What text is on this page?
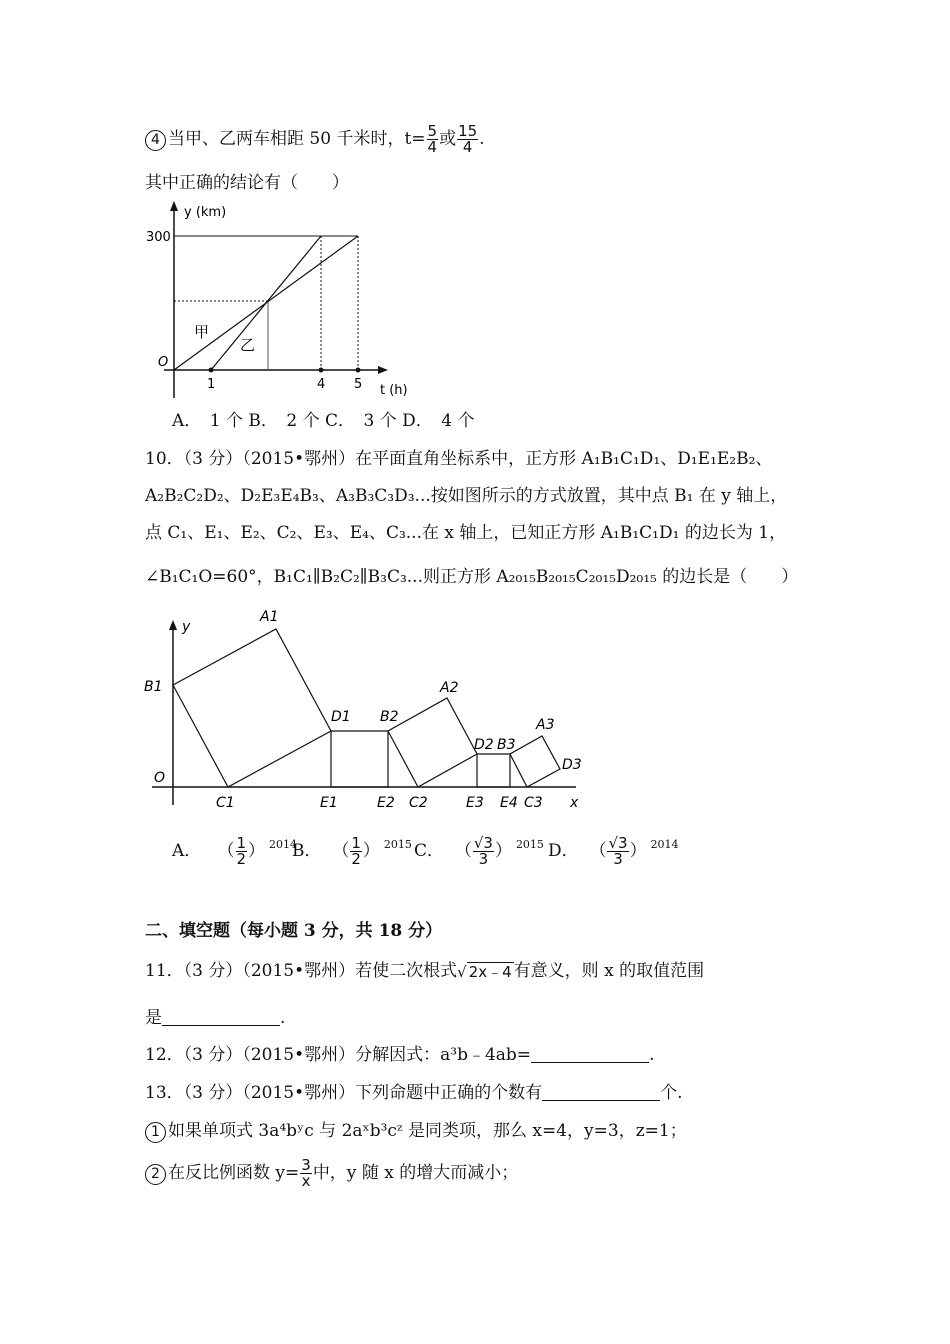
4 当甲、乙两车相距 50 千米时，$t= \frac{5}{4}$ 或 $\frac{15}{4}$ .
其中正确的结论有（　　）
y (km)
300
O
甲
乙
1	4 5 t (h)
A．　1 个 B．　2 个 C．　3 个 D．　4 个
10．（3 分）（2015•鄂州）在平面直角坐标系中，正方形 A₁B₁C₁D₁、D₁E₁E₂B₂、
A₂B₂C₂D₂、D₂E₃E₄B₃、A₃B₃C₃D₃...按如图所示的方式放置，其中点 B₁ 在 y 轴上，
点 C₁、E₁、E₂、C₂、E₃、E₄、C₃...在 x 轴上，已知正方形 A₁B₁C₁D₁ 的边长为 1，
∠B₁C₁O=60°，B₁C₁∥B₂C₂∥B₃C₃...则正方形 A₂₀₁₅B₂₀₁₅C₂₀₁₅D₂₀₁₅ 的边长是（　　）
y
x
O
A1
B1
C1
D1
E1	E2
B2
A2
C2
D2 B3
E3 E4
A3
C3
D3
A．   （ $\frac{1}{2}$ ） $^{2014}$
B．  （ $\frac{1}{2}$ ） $^{2015}$ C．  （ $\frac{√3}{3}$ ） $^{2015}$ D．  （ $\frac{√3}{3}$ ） $^{2014}$
二、填空题（每小题 3 分，共 18 分）
11．（3 分）（2015•鄂州）若使二次根式√ 2x﹣4 有意义，则 x 的取值范围
是	.
12．（3 分）（2015•鄂州）分解因式：a³b﹣4ab=	.
13．（3 分）（2015•鄂州）下列命题中正确的个数有	个.
1 如果单项式 3a⁴bʸc 与 2aˣb³cᶻ 是同类项，那么 x=4，y=3，z=1；
2 在反比例函数 $y= \frac{3}{x}$ 中，y 随 x 的增大而减小；
